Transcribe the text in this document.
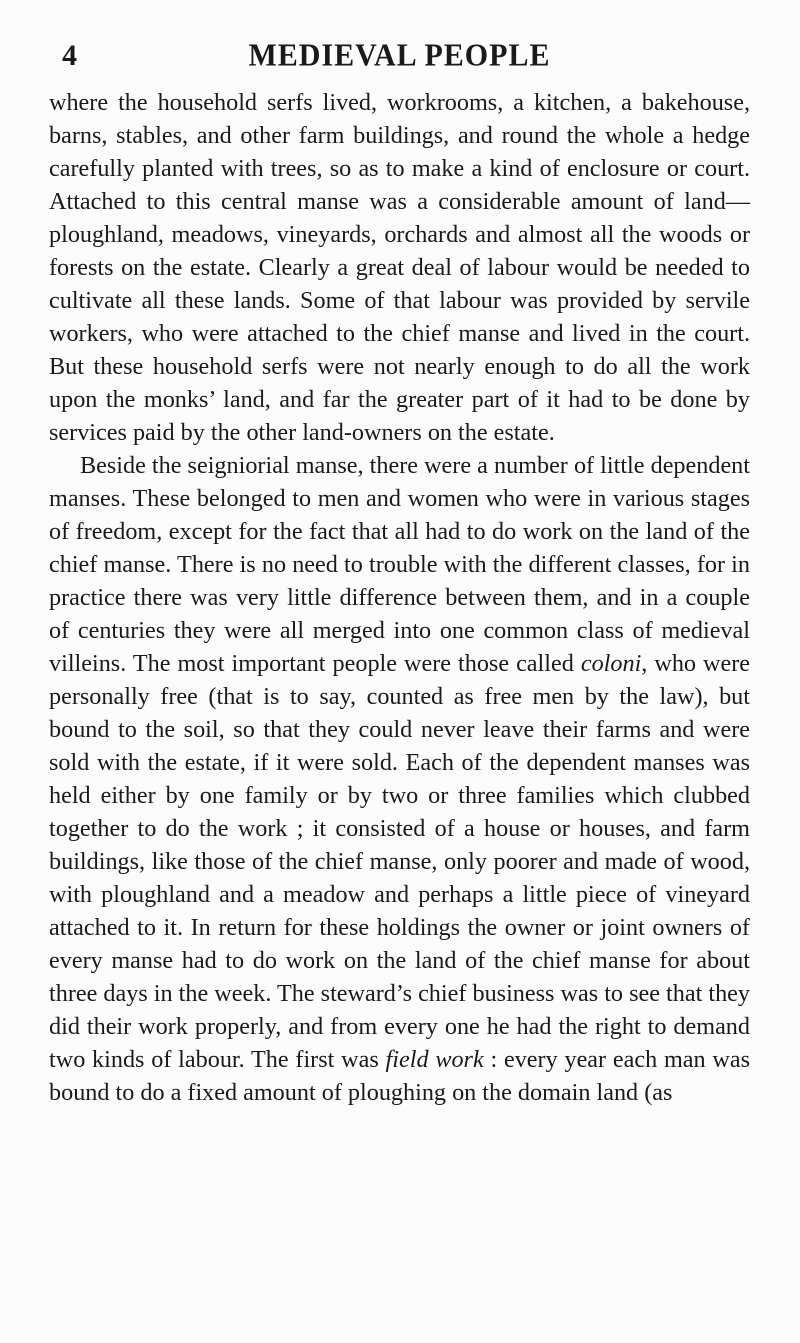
4	MEDIEVAL PEOPLE

where the household serfs lived, workrooms, a kitchen, a bakehouse, barns, stables, and other farm buildings, and round the whole a hedge carefully planted with trees, so as to make a kind of enclosure or court. Attached to this central manse was a considerable amount of land—ploughland, meadows, vineyards, orchards and almost all the woods or forests on the estate. Clearly a great deal of labour would be needed to cultivate all these lands. Some of that labour was provided by servile workers, who were attached to the chief manse and lived in the court. But these household serfs were not nearly enough to do all the work upon the monks’ land, and far the greater part of it had to be done by services paid by the other land-owners on the estate.

Beside the seigniorial manse, there were a number of little dependent manses. These belonged to men and women who were in various stages of freedom, except for the fact that all had to do work on the land of the chief manse. There is no need to trouble with the different classes, for in practice there was very little difference between them, and in a couple of centuries they were all merged into one common class of medieval villeins. The most important people were those called coloni, who were personally free (that is to say, counted as free men by the law), but bound to the soil, so that they could never leave their farms and were sold with the estate, if it were sold. Each of the dependent manses was held either by one family or by two or three families which clubbed together to do the work ; it consisted of a house or houses, and farm buildings, like those of the chief manse, only poorer and made of wood, with ploughland and a meadow and perhaps a little piece of vineyard attached to it. In return for these holdings the owner or joint owners of every manse had to do work on the land of the chief manse for about three days in the week. The steward’s chief business was to see that they did their work properly, and from every one he had the right to demand two kinds of labour. The first was field work : every year each man was bound to do a fixed amount of ploughing on the domain land (as
